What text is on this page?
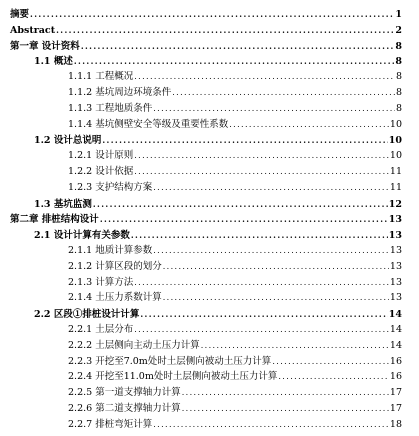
摘要 .....	1
Abstract .....	2
第一章 设计资料 .....	8
1.1 概述 .....	8
1.1.1 工程概况 .....	8
1.1.2 基坑周边环境条件 .....	8
1.1.3 工程地质条件 .....	8
1.1.4 基坑侧壁安全等级及重要性系数 .....	10
1.2 设计总说明 .....	10
1.2.1 设计原则 .....	10
1.2.2 设计依据 .....	11
1.2.3 支护结构方案 .....	11
1.3 基坑监测 .....	12
第二章 排桩结构设计 .....	13
2.1 设计计算有关参数 .....	13
2.1.1 地质计算参数 .....	13
2.1.2 计算区段的划分 .....	13
2.1.3 计算方法 .....	13
2.1.4 土压力系数计算 .....	13
2.2 区段①排桩设计计算 .....	14
2.2.1 土层分布 .....	14
2.2.2 土层侧向主动土压力计算 .....	14
2.2.3 开挖至7.0m处时土层侧向被动土压力计算 .....	16
2.2.4 开挖至11.0m处时土层侧向被动土压力计算 .....	16
2.2.5 第一道支撑轴力计算 .....	17
2.2.6 第二道支撑轴力计算 .....	17
2.2.7 排桩弯矩计算 .....	18
